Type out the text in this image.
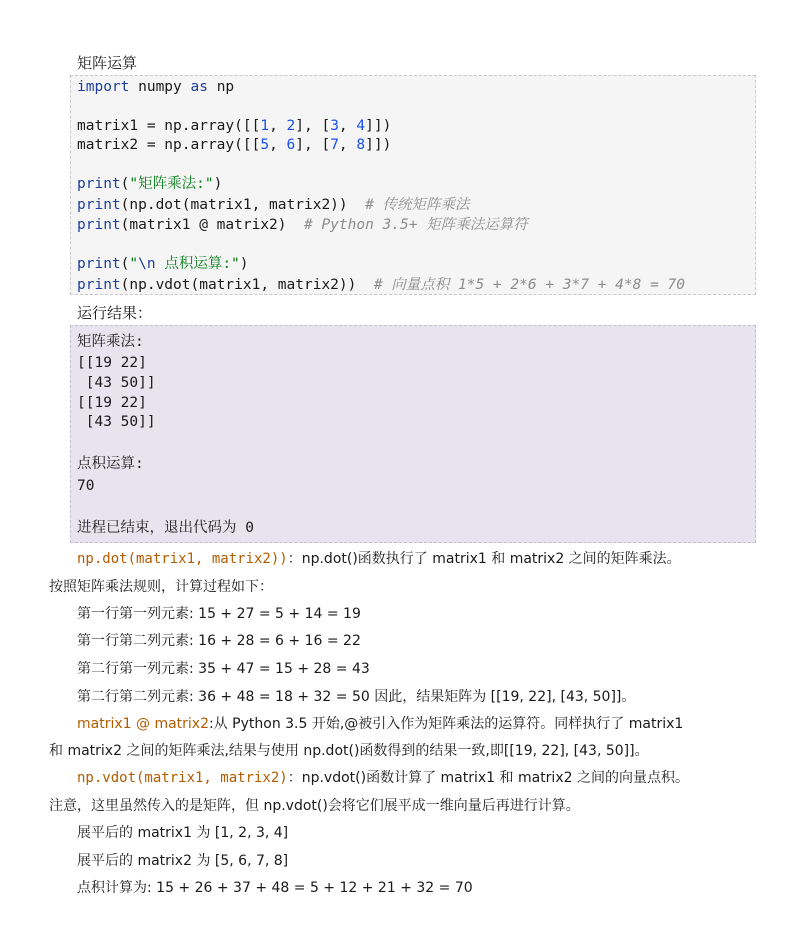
矩阵运算
import numpy as np
matrix1 = np.array([[1, 2], [3, 4]])
matrix2 = np.array([[5, 6], [7, 8]])
print("矩阵乘法:")
print(np.dot(matrix1, matrix2))  # 传统矩阵乘法
print(matrix1 @ matrix2)  # Python 3.5+ 矩阵乘法运算符
print("\n 点积运算:")
print(np.vdot(matrix1, matrix2))  # 向量点积 1*5 + 2*6 + 3*7 + 4*8 = 70
运行结果：
矩阵乘法:
[[19 22]
[43 50]]
[[19 22]
[43 50]]
点积运算:
70
进程已结束，退出代码为 0
np.dot(matrix1, matrix2))：np.dot()函数执行了 matrix1 和 matrix2 之间的矩阵乘法。
按照矩阵乘法规则，计算过程如下：
第一行第一列元素: 15 + 27 = 5 + 14 = 19
第一行第二列元素: 16 + 28 = 6 + 16 = 22
第二行第一列元素: 35 + 47 = 15 + 28 = 43
第二行第二列元素: 36 + 48 = 18 + 32 = 50 因此，结果矩阵为 [[19, 22], [43, 50]]。
matrix1 @ matrix2:从 Python 3.5 开始,@被引入作为矩阵乘法的运算符。同样执行了 matrix1
和 matrix2 之间的矩阵乘法,结果与使用 np.dot()函数得到的结果一致,即[[19, 22], [43, 50]]。
np.vdot(matrix1, matrix2)：np.vdot()函数计算了 matrix1 和 matrix2 之间的向量点积。
注意，这里虽然传入的是矩阵，但 np.vdot()会将它们展平成一维向量后再进行计算。
展平后的 matrix1 为 [1, 2, 3, 4]
展平后的 matrix2 为 [5, 6, 7, 8]
点积计算为: 15 + 26 + 37 + 48 = 5 + 12 + 21 + 32 = 70
